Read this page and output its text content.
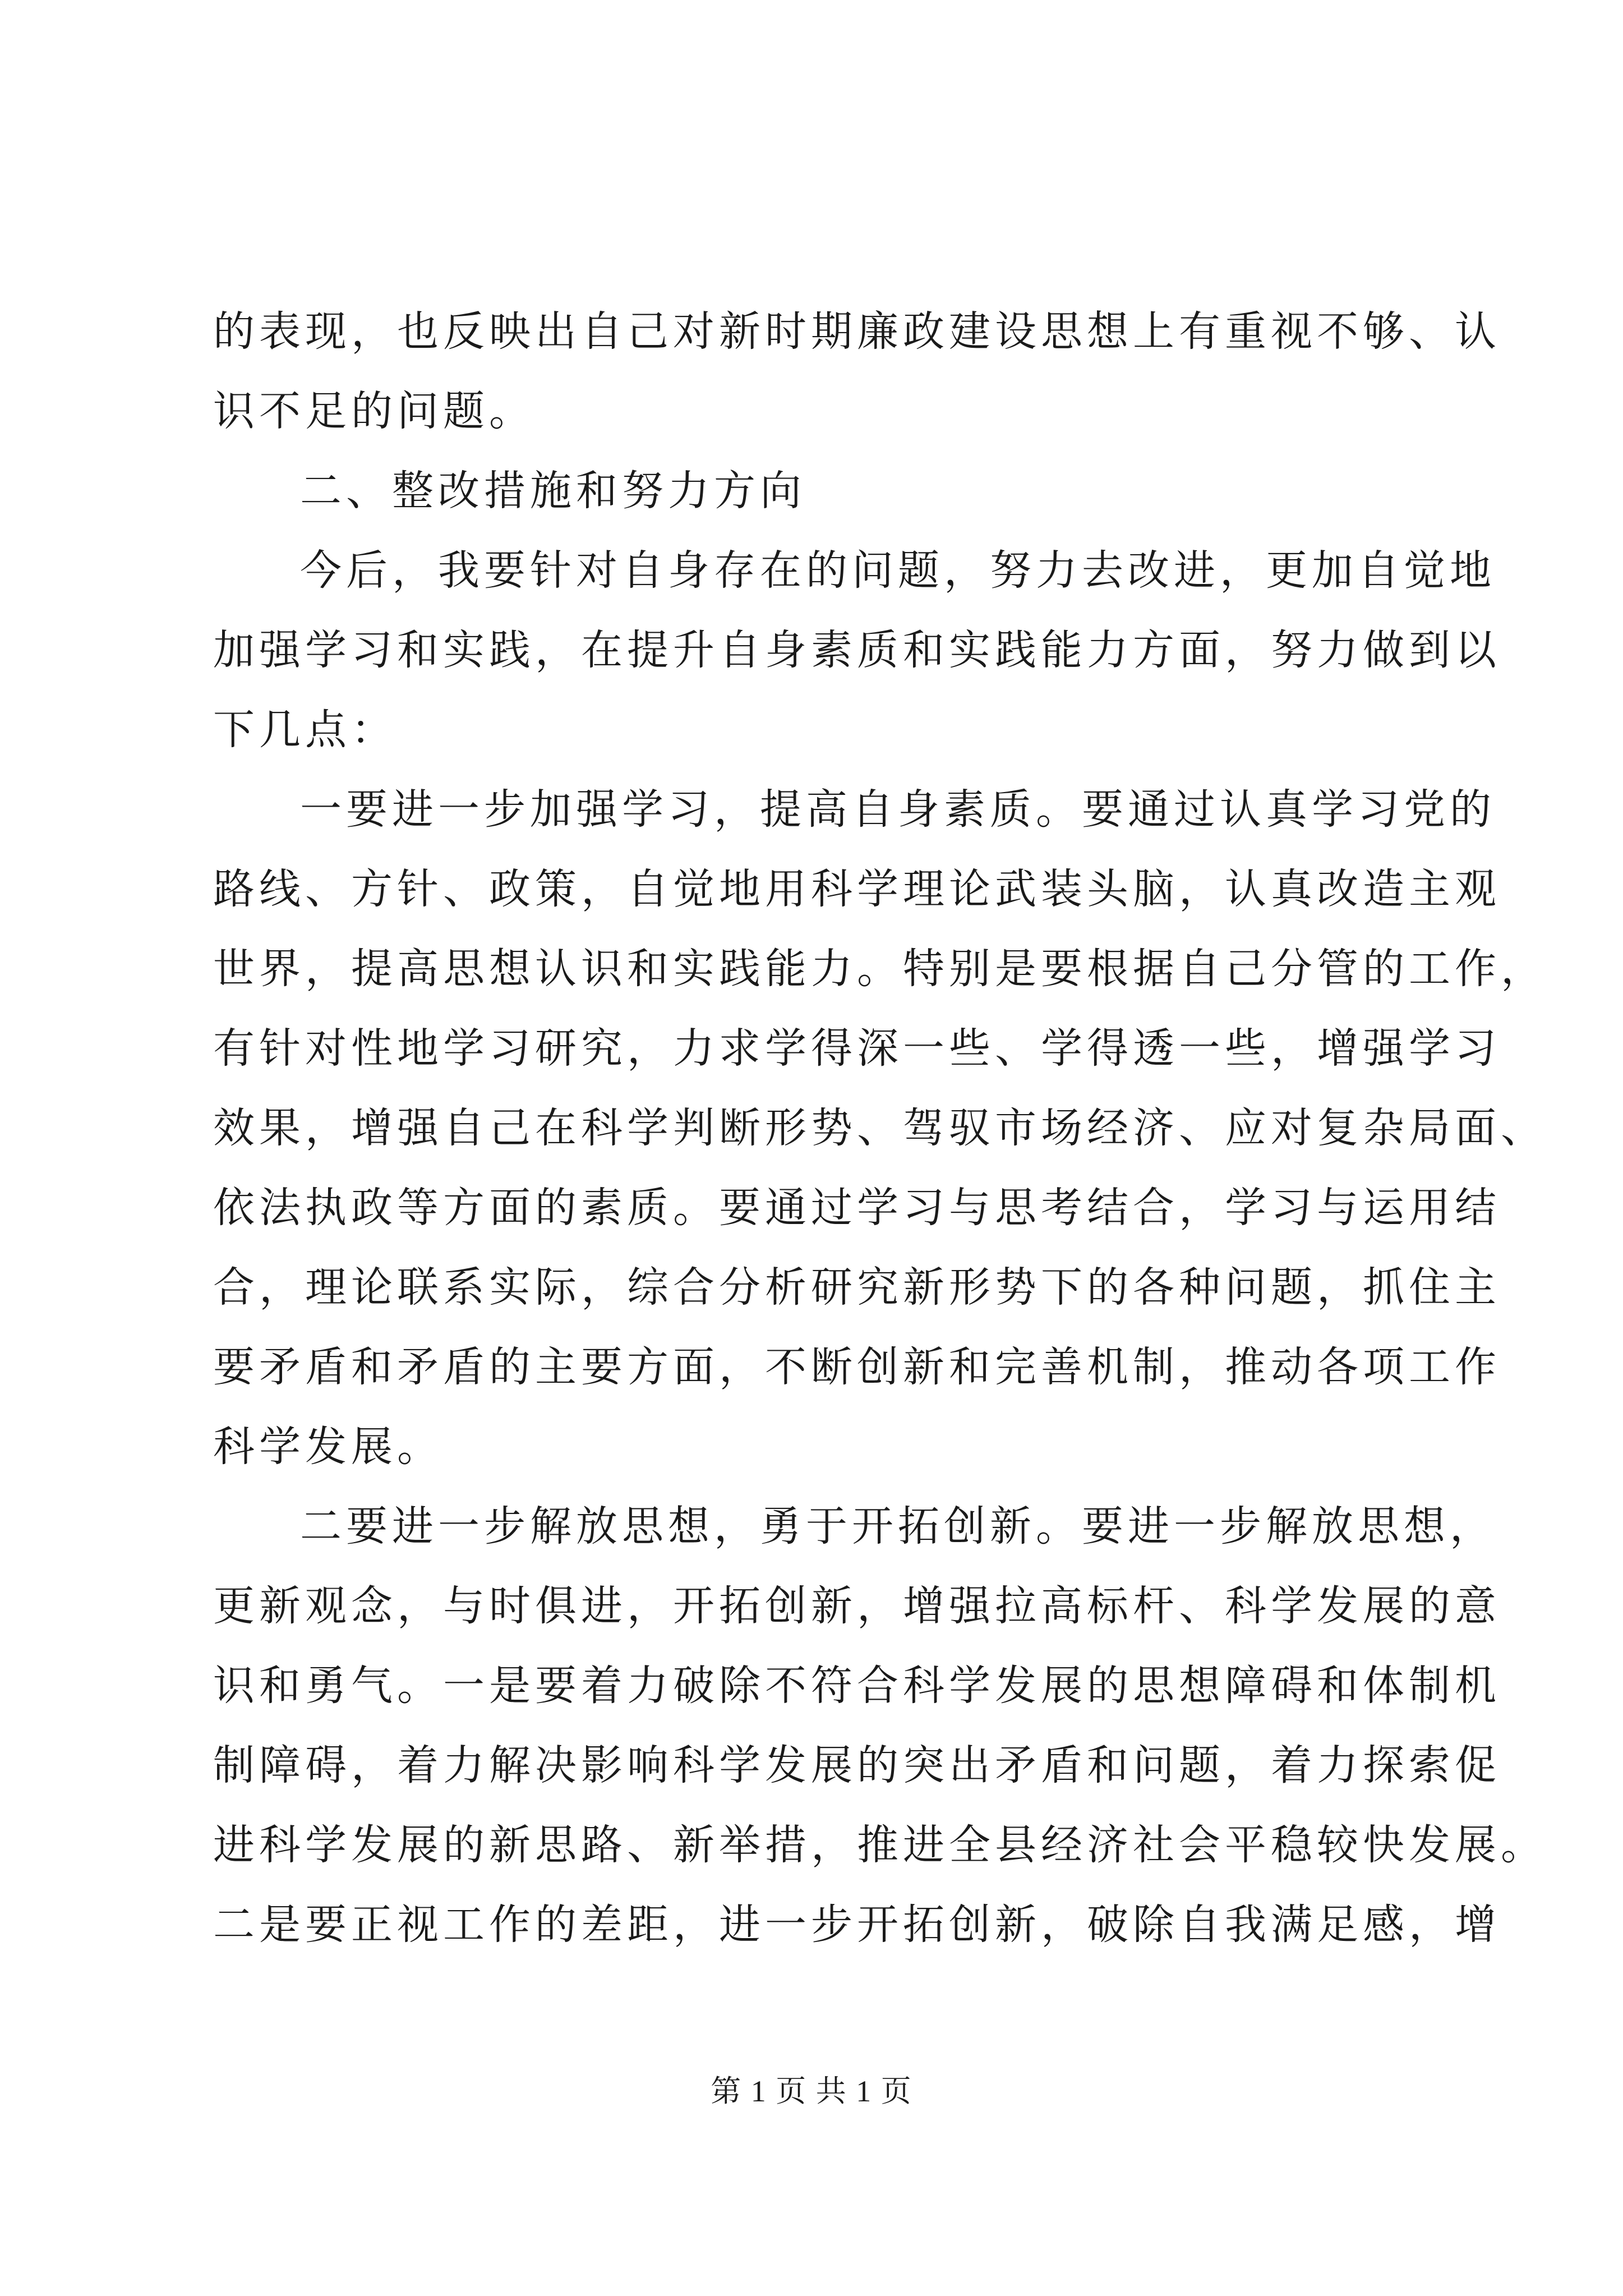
的表现，也反映出自己对新时期廉政建设思想上有重视不够、认
识不足的问题。
二、整改措施和努力方向
今后，我要针对自身存在的问题，努力去改进，更加自觉地
加强学习和实践，在提升自身素质和实践能力方面，努力做到以
下几点：
一要进一步加强学习，提高自身素质。要通过认真学习党的
路线、方针、政策，自觉地用科学理论武装头脑，认真改造主观
世界，提高思想认识和实践能力。特别是要根据自己分管的工作，
有针对性地学习研究，力求学得深一些、学得透一些，增强学习
效果，增强自己在科学判断形势、驾驭市场经济、应对复杂局面、
依法执政等方面的素质。要通过学习与思考结合，学习与运用结
合，理论联系实际，综合分析研究新形势下的各种问题，抓住主
要矛盾和矛盾的主要方面，不断创新和完善机制，推动各项工作
科学发展。
二要进一步解放思想，勇于开拓创新。要进一步解放思想，
更新观念，与时俱进，开拓创新，增强拉高标杆、科学发展的意
识和勇气。一是要着力破除不符合科学发展的思想障碍和体制机
制障碍，着力解决影响科学发展的突出矛盾和问题，着力探索促
进科学发展的新思路、新举措，推进全县经济社会平稳较快发展。
二是要正视工作的差距，进一步开拓创新，破除自我满足感，增
第 1 页 共 1 页
